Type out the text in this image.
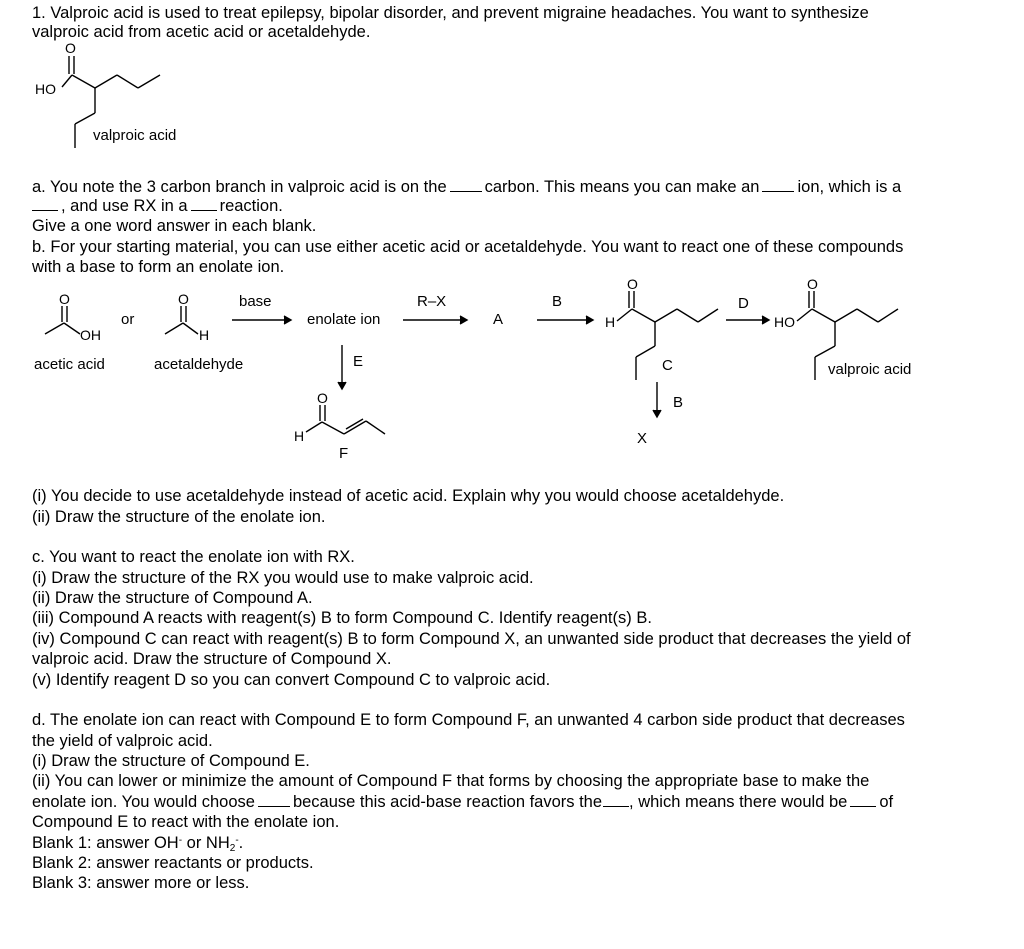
1. Valproic acid is used to treat epilepsy, bipolar disorder, and prevent migraine headaches. You want to synthesize
valproic acid from acetic acid or acetaldehyde.
O
HO
valproic acid
a. You note the 3 carbon branch in valproic acid is on the carbon. This means you can make an ion, which is a
, and use RX in a reaction.
Give a one word answer in each blank.
b. For your starting material, you can use either acetic acid or acetaldehyde. You want to react one of these compounds
with a base to form an enolate ion.
O
OH
acetic acid
or
O
H
acetaldehyde
base
enolate ion
R–X
A
B
O
H
C
D
O
HO
valproic acid
E
B
X
O
H
F
(i) You decide to use acetaldehyde instead of acetic acid. Explain why you would choose acetaldehyde.
(ii) Draw the structure of the enolate ion.
c. You want to react the enolate ion with RX.
(i) Draw the structure of the RX you would use to make valproic acid.
(ii) Draw the structure of Compound A.
(iii) Compound A reacts with reagent(s) B to form Compound C. Identify reagent(s) B.
(iv) Compound C can react with reagent(s) B to form Compound X, an unwanted side product that decreases the yield of
valproic acid. Draw the structure of Compound X.
(v) Identify reagent D so you can convert Compound C to valproic acid.
d. The enolate ion can react with Compound E to form Compound F, an unwanted 4 carbon side product that decreases
the yield of valproic acid.
(i) Draw the structure of Compound E.
(ii) You can lower or minimize the amount of Compound F that forms by choosing the appropriate base to make the
enolate ion. You would choose because this acid-base reaction favors the , which means there would be of
Compound E to react with the enolate ion.
Blank 1: answer OH- or $NH_2^-$.
Blank 2: answer reactants or products.
Blank 3: answer more or less.
